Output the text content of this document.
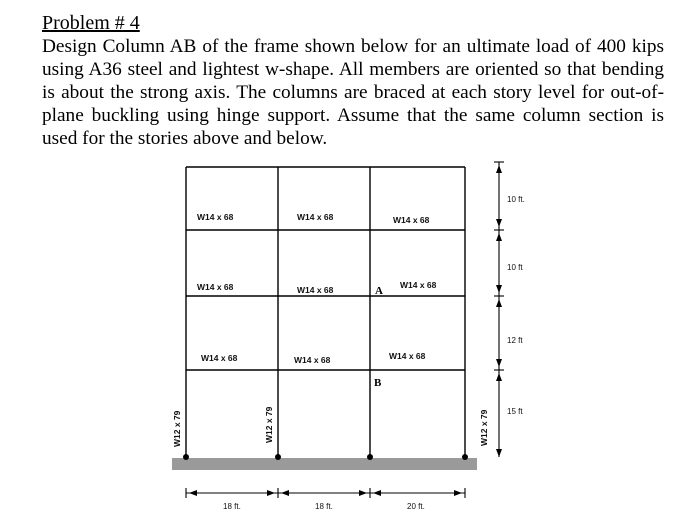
Problem # 4

Design Column AB of the frame shown below for an ultimate load of 400 kips using A36 steel and lightest w-shape. All members are oriented so that bending is about the strong axis. The columns are braced at each story level for out-of-plane buckling using hinge support. Assume that the same column section is used for the stories above and below.

W14 x 68	W14 x 68	W14 x 68
W14 x 68	W14 x 68	W14 x 68
W14 x 68	W14 x 68	W14 x 68
W12 x 79	W12 x 79	W12 x 79
A
B
10 ft.
10 ft
12 ft
15 ft
18 ft.	18 ft.	20 ft.
